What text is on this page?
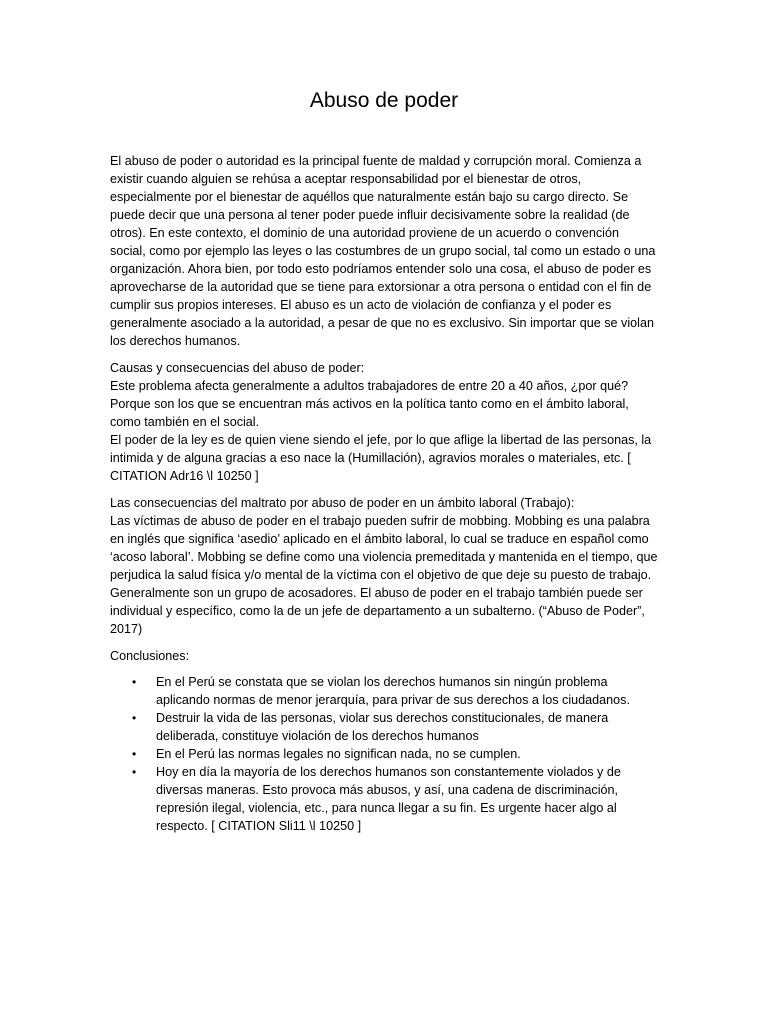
Abuso de poder

El abuso de poder o autoridad es la principal fuente de maldad y corrupción moral. Comienza a existir cuando alguien se rehúsa a aceptar responsabilidad por el bienestar de otros, especialmente por el bienestar de aquéllos que naturalmente están bajo su cargo directo. Se puede decir que una persona al tener poder puede influir decisivamente sobre la realidad (de otros). En este contexto, el dominio de una autoridad proviene de un acuerdo o convención social, como por ejemplo las leyes o las costumbres de un grupo social, tal como un estado o una organización. Ahora bien, por todo esto podríamos entender solo una cosa, el abuso de poder es aprovecharse de la autoridad que se tiene para extorsionar a otra persona o entidad con el fin de cumplir sus propios intereses. El abuso es un acto de violación de confianza y el poder es generalmente asociado a la autoridad, a pesar de que no es exclusivo. Sin importar que se violan los derechos humanos.

Causas y consecuencias del abuso de poder:

Este problema afecta generalmente a adultos trabajadores de entre 20 a 40 años, ¿por qué? Porque son los que se encuentran más activos en la política tanto como en el ámbito laboral, como también en el social.

El poder de la ley es de quien viene siendo el jefe, por lo que aflige la libertad de las personas, la intimida y de alguna gracias a eso nace la (Humillación), agravios morales o materiales, etc. [ CITATION Adr16 \l 10250 ]

Las consecuencias del maltrato por abuso de poder en un ámbito laboral (Trabajo):

Las víctimas de abuso de poder en el trabajo pueden sufrir de mobbing. Mobbing es una palabra en inglés que significa ‘asedio’ aplicado en el ámbito laboral, lo cual se traduce en español como ‘acoso laboral’. Mobbing se define como una violencia premeditada y mantenida en el tiempo, que perjudica la salud física y/o mental de la víctima con el objetivo de que deje su puesto de trabajo. Generalmente son un grupo de acosadores. El abuso de poder en el trabajo también puede ser individual y específico, como la de un jefe de departamento a un subalterno. (“Abuso de Poder”, 2017)

Conclusiones:

• En el Perú se constata que se violan los derechos humanos sin ningún problema aplicando normas de menor jerarquía, para privar de sus derechos a los ciudadanos.
• Destruir la vida de las personas, violar sus derechos constitucionales, de manera deliberada, constituye violación de los derechos humanos
• En el Perú las normas legales no significan nada, no se cumplen.
• Hoy en día la mayoría de los derechos humanos son constantemente violados y de diversas maneras. Esto provoca más abusos, y así, una cadena de discriminación, represión ilegal, violencia, etc., para nunca llegar a su fin. Es urgente hacer algo al respecto. [ CITATION Sli11 \l 10250 ]
